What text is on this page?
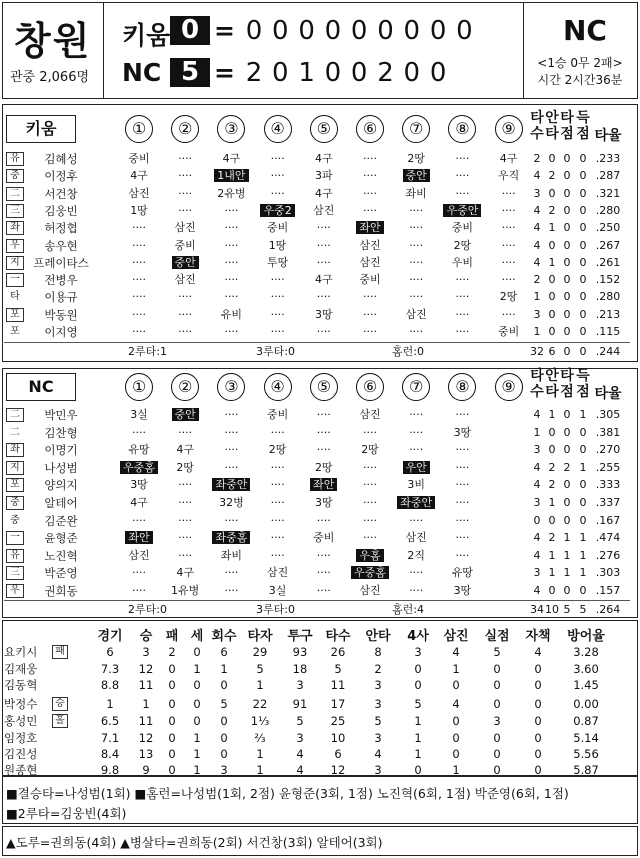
창원
관중 2,066명
키움 0 = 0 0 0 0 0 0 0 0 0
NC 5 = 2 0 1 0 0 2 0 0
NC
<1승 0무 2패>
시간 2시간36분
키움	①	②	③	④	⑤	⑥	⑦	⑧	⑨
타 안 타 득
수 타 점 점 타율
유	김혜성	중비	····	4구	····	4구	····	2땅	····	4구	2 0 0 0 .233
중	이정후	4구	····	1내안	····	3파	····	중안	····	우직	4 2 0 0 .287
二	서건창	삼진	····	2유병	····	4구	····	좌비	····	····	3 0 0 0 .321
三	김웅빈	1땅	····	····	우중2	삼진	····	····	우중안	····	4 2 0 0 .280
좌	허정협	····	삼진	····	중비	····	좌안	····	중비	····	4 1 0 0 .250
우	송우현	····	중비	····	1땅	····	삼진	····	2땅	····	4 0 0 0 .267
지	프레이타스	····	중안	····	투땅	····	삼진	····	우비	····	4 1 0 0 .261
一	전병우	····	삼진	····	····	4구	중비	····	····	····	2 0 0 0 .152
타	이용규	····	····	····	····	····	····	····	····	2땅	1 0 0 0 .280
포	박동원	····	····	유비	····	3땅	····	삼진	····	····	3 0 0 0 .213
포	이지영	····	····	····	····	····	····	····	····	중비	1 0 0 0 .115
2루타:1	3루타:0	홈런:0	32 6 0 0 .244
NC	①	②	③	④	⑤	⑥	⑦	⑧	⑨
타 안 타 득
수 타 점 점 타율
二	박민우	3실	중안	····	중비	····	삼진	····	····	4 1 0 1 .305
二	김찬형	····	····	····	····	····	····	····	3땅	1 0 0 0 .381
좌	이명기	유땅	4구	····	2땅	····	2땅	····	····	3 0 0 0 .270
지	나성범	우중홈	2땅	····	····	2땅	····	우안	····	4 2 2 1 .255
포	양의지	3땅	····	좌중안	····	좌안	····	3비	····	4 2 0 0 .333
중	알테어	4구	····	32병	····	3땅	····	좌중안	····	3 1 0 0 .337
중	김준완	····	····	····	····	····	····	····	····	0 0 0 0 .167
一	윤형준	좌안	····	좌중홈	····	중비	····	삼진	····	4 2 1 1 .474
유	노진혁	삼진	····	좌비	····	····	우홈	2직	····	4 1 1 1 .276
三	박준영	····	4구	····	삼진	····	우중홈	····	유땅	3 1 1 1 .303
우	권희동	····	1유병	····	3실	····	삼진	····	3땅	4 0 0 0 .157
2루타:0	3루타:0	홈런:4	34 10 5 5 .264
경기	승	패 세 회수 타자	투구 타수	안타	4사	삼진	실점	자책	방어율
요키시	패	6	3	2	0	6	29	93	26	8	3	4	5	4	3.28
김재웅	7.3	12	0	1	1	5	18	5	2	0	1	0	0	3.60
김동혁	8.8	11	0	0	0	1	3	11	3	0	0	0	0	1.45
박정수	승	1	1	0	0	5	22	91	17	3	5	4	0	0	0.00
홍성민	홀	6.5	11	0	0	0	1⅓	5	25	5	1	0	3	0	0.87
임정호	7.1	12	0	1	0	⅔	3	10	3	1	0	0	0	5.14
김진성	8.4	13	0	1	0	1	4	6	4	1	0	0	0	5.56
원종현	9.8	9	0	1	3	1	4	12	3	0	1	0	0	5.87
■결승타=나성범(1회) ■홈런=나성범(1회, 2점) 윤형준(3회, 1점) 노진혁(6회, 1점) 박준영(6회, 1점)
■2루타=김웅빈(4회)
▲도루=권희동(4회) ▲병살타=권희동(2회) 서건창(3회) 알테어(3회)
